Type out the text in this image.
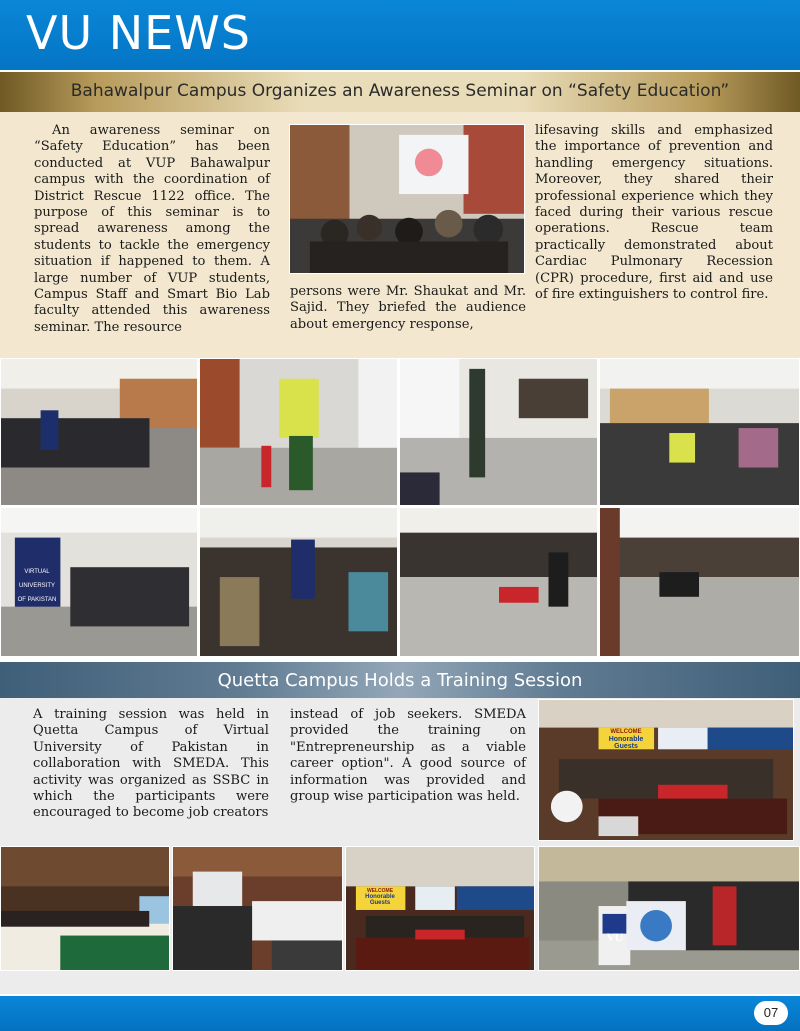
VU NEWS
Bahawalpur Campus Organizes an Awareness Seminar on “Safety Education”
An awareness seminar on “Safety Education” has been conducted at VUP Bahawalpur campus with the coordination of District Rescue 1122 office. The purpose of this seminar is to spread awareness among the students to tackle the emergency situation if happened to them. A large number of VUP students, Campus Staff and Smart Bio Lab faculty attended this awareness seminar. The resource
persons were Mr. Shaukat and Mr. Sajid. They briefed the audience about emergency response,
lifesaving skills and emphasized the importance of prevention and handling emergency situations. Moreover, they shared their professional experience which they faced during their various rescue operations. Rescue team practically demonstrated about Cardiac Pulmonary Recession (CPR) procedure, first aid and use of fire extinguishers to control fire.
Quetta Campus Holds a Training Session
A training session was held in Quetta Campus of Virtual University of Pakistan in collaboration with SMEDA. This activity was organized as SSBC in which the participants were encouraged to become job creators
instead of job seekers. SMEDA provided the training on "Entrepreneurship as a viable career option". A good source of information was provided and group wise participation was held.
WELCOME
Honorable Guests
WELCOME
Honorable Guests
VU
07
VIRTUAL UNIVERSITY OF PAKISTAN
